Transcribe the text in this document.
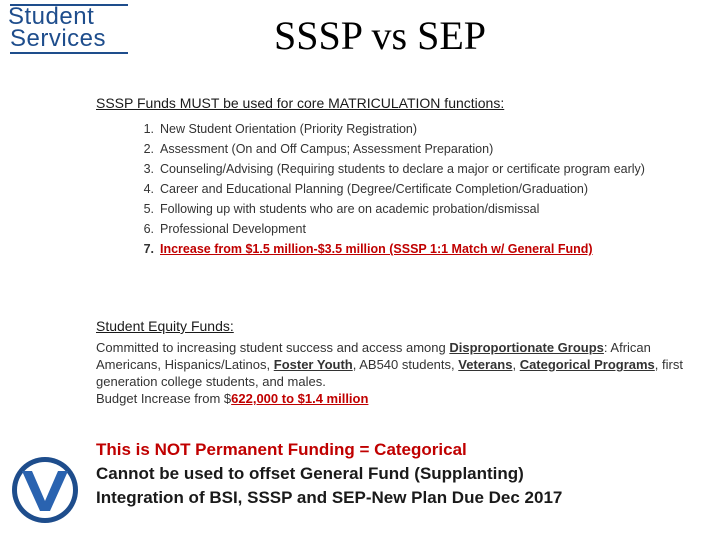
Student
Services	SSSP vs SEP
SSSP Funds MUST be used for core MATRICULATION functions:
1. New Student Orientation (Priority Registration)
2. Assessment (On and Off Campus; Assessment Preparation)
3. Counseling/Advising (Requiring students to declare a major or certificate program early)
4. Career and Educational Planning (Degree/Certificate Completion/Graduation)
5. Following up with students who are on academic probation/dismissal
6. Professional Development
7. Increase from $1.5 million-$3.5 million (SSSP 1:1 Match w/ General Fund)
Student Equity Funds:
Committed to increasing student success and access among Disproportionate Groups: African Americans, Hispanics/Latinos, Foster Youth, AB540 students, Veterans, Categorical Programs, first generation college students, and males.
Budget Increase from $622,000 to $1.4 million
This is NOT Permanent Funding = Categorical
Cannot be used to offset General Fund (Supplanting)
Integration of BSI, SSSP and SEP-New Plan Due Dec 2017
